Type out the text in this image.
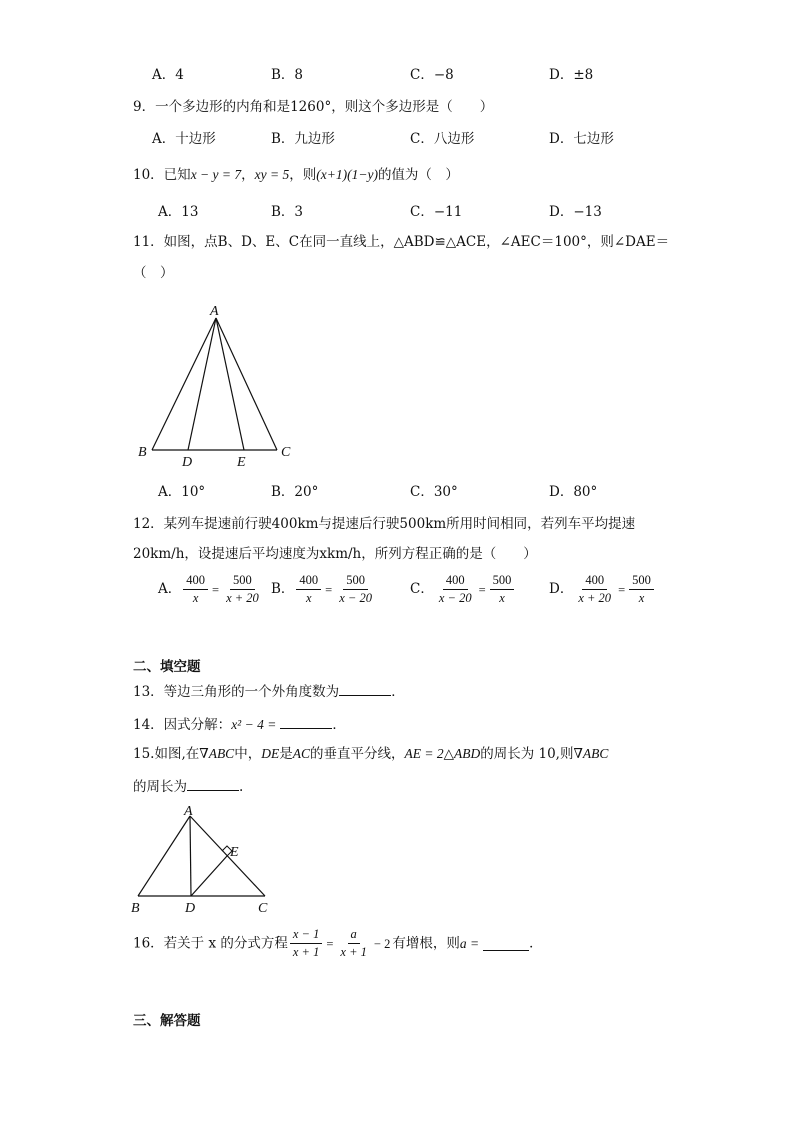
A．4	B．8	C．−8	D．±8
9．一个多边形的内角和是1260°，则这个多边形是（　　）
A．十边形	B．九边形	C．八边形	D．七边形
10．已知x − y = 7，xy = 5，则(x+1)(1−y)的值为（　）
A．13	B．3	C．−11	D．−13
11．如图，点B、D、E、C在同一直线上，△ABD≌△ACE，∠AEC＝100°，则∠DAE＝
（　）
A
B
D	E
C
A．10°	B．20°	C．30°	D．80°
12．某列车提速前行驶400km与提速后行驶500km所用时间相同，若列车平均提速
20km/h，设提速后平均速度为xkm/h，所列方程正确的是（　　）
A． $\frac{400}{x} = \frac{500}{x + 20}$ B． $\frac{400}{x} = \frac{500}{x - 20}$	C． $\frac{400}{x - 20} = \frac{500}{x}$	D． $\frac{400}{x + 20} = \frac{500}{x}$
二、填空题
13．等边三角形的一个外角度数为	．
14．因式分解：x² − 4 =	．
15.如图,在∇ABC中，DE是AC的垂直平分线，AE = 2△ABD的周长为 10,则∇ABC
的周长为	.
A
E
B	D	C
16．若关于 x 的分式方程 $\frac{x - 1}{x + 1} = \frac{a}{x + 1} - 2$ 有增根，则a =	．
三、解答题
